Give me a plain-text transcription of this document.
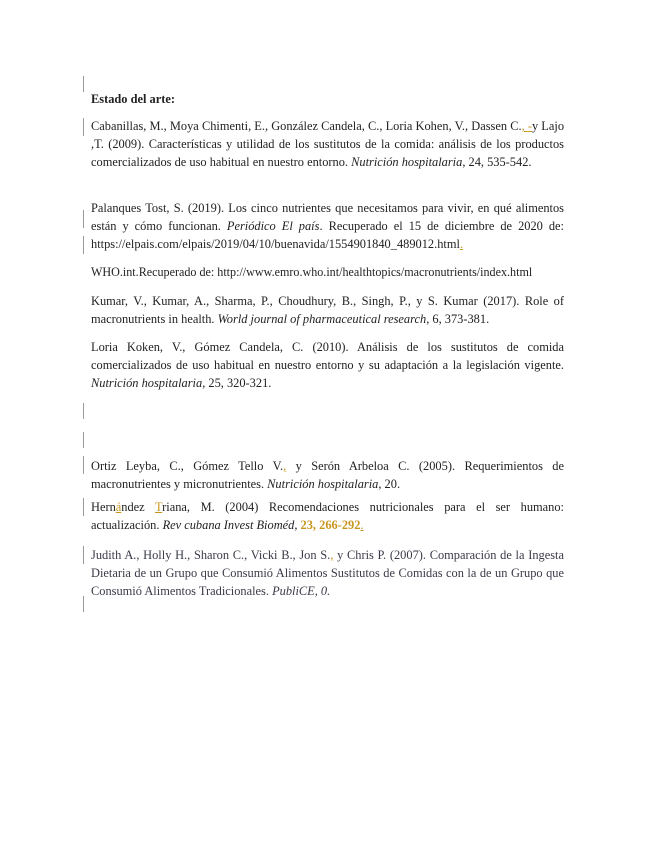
Estado del arte:
Cabanillas, M., Moya Chimenti, E., González Candela, C., Loria Kohen, V., Dassen C., -y Lajo ,T. (2009). Características y utilidad de los sustitutos de la comida: análisis de los productos comercializados de uso habitual en nuestro entorno. Nutrición hospitalaria, 24, 535-542.
Palanques Tost, S. (2019). Los cinco nutrientes que necesitamos para vivir, en qué alimentos están y cómo funcionan. Periódico El país. Recuperado el 15 de diciembre de 2020 de: https://elpais.com/elpais/2019/04/10/buenavida/1554901840_489012.html.
WHO.int.Recuperado de: http://www.emro.who.int/healthtopics/macronutrients/index.html
Kumar, V., Kumar, A., Sharma, P., Choudhury, B., Singh, P., y S. Kumar (2017). Role of macronutrients in health. World journal of pharmaceutical research, 6, 373-381.
Loria Koken, V., Gómez Candela, C. (2010). Análisis de los sustitutos de comida comercializados de uso habitual en nuestro entorno y su adaptación a la legislación vigente. Nutrición hospitalaria, 25, 320-321.
Ortiz Leyba, C., Gómez Tello V., y Serón Arbeloa C. (2005). Requerimientos de macronutrientes y micronutrientes. Nutrición hospitalaria, 20.
Hernández Triana, M. (2004) Recomendaciones nutricionales para el ser humano: actualización. Rev cubana Invest Bioméd, 23, 266-292.
Judith A., Holly H., Sharon C., Vicki B., Jon S., y Chris P. (2007). Comparación de la Ingesta Dietaria de un Grupo que Consumió Alimentos Sustitutos de Comidas con la de un Grupo que Consumió Alimentos Tradicionales. PubliCE, 0.
